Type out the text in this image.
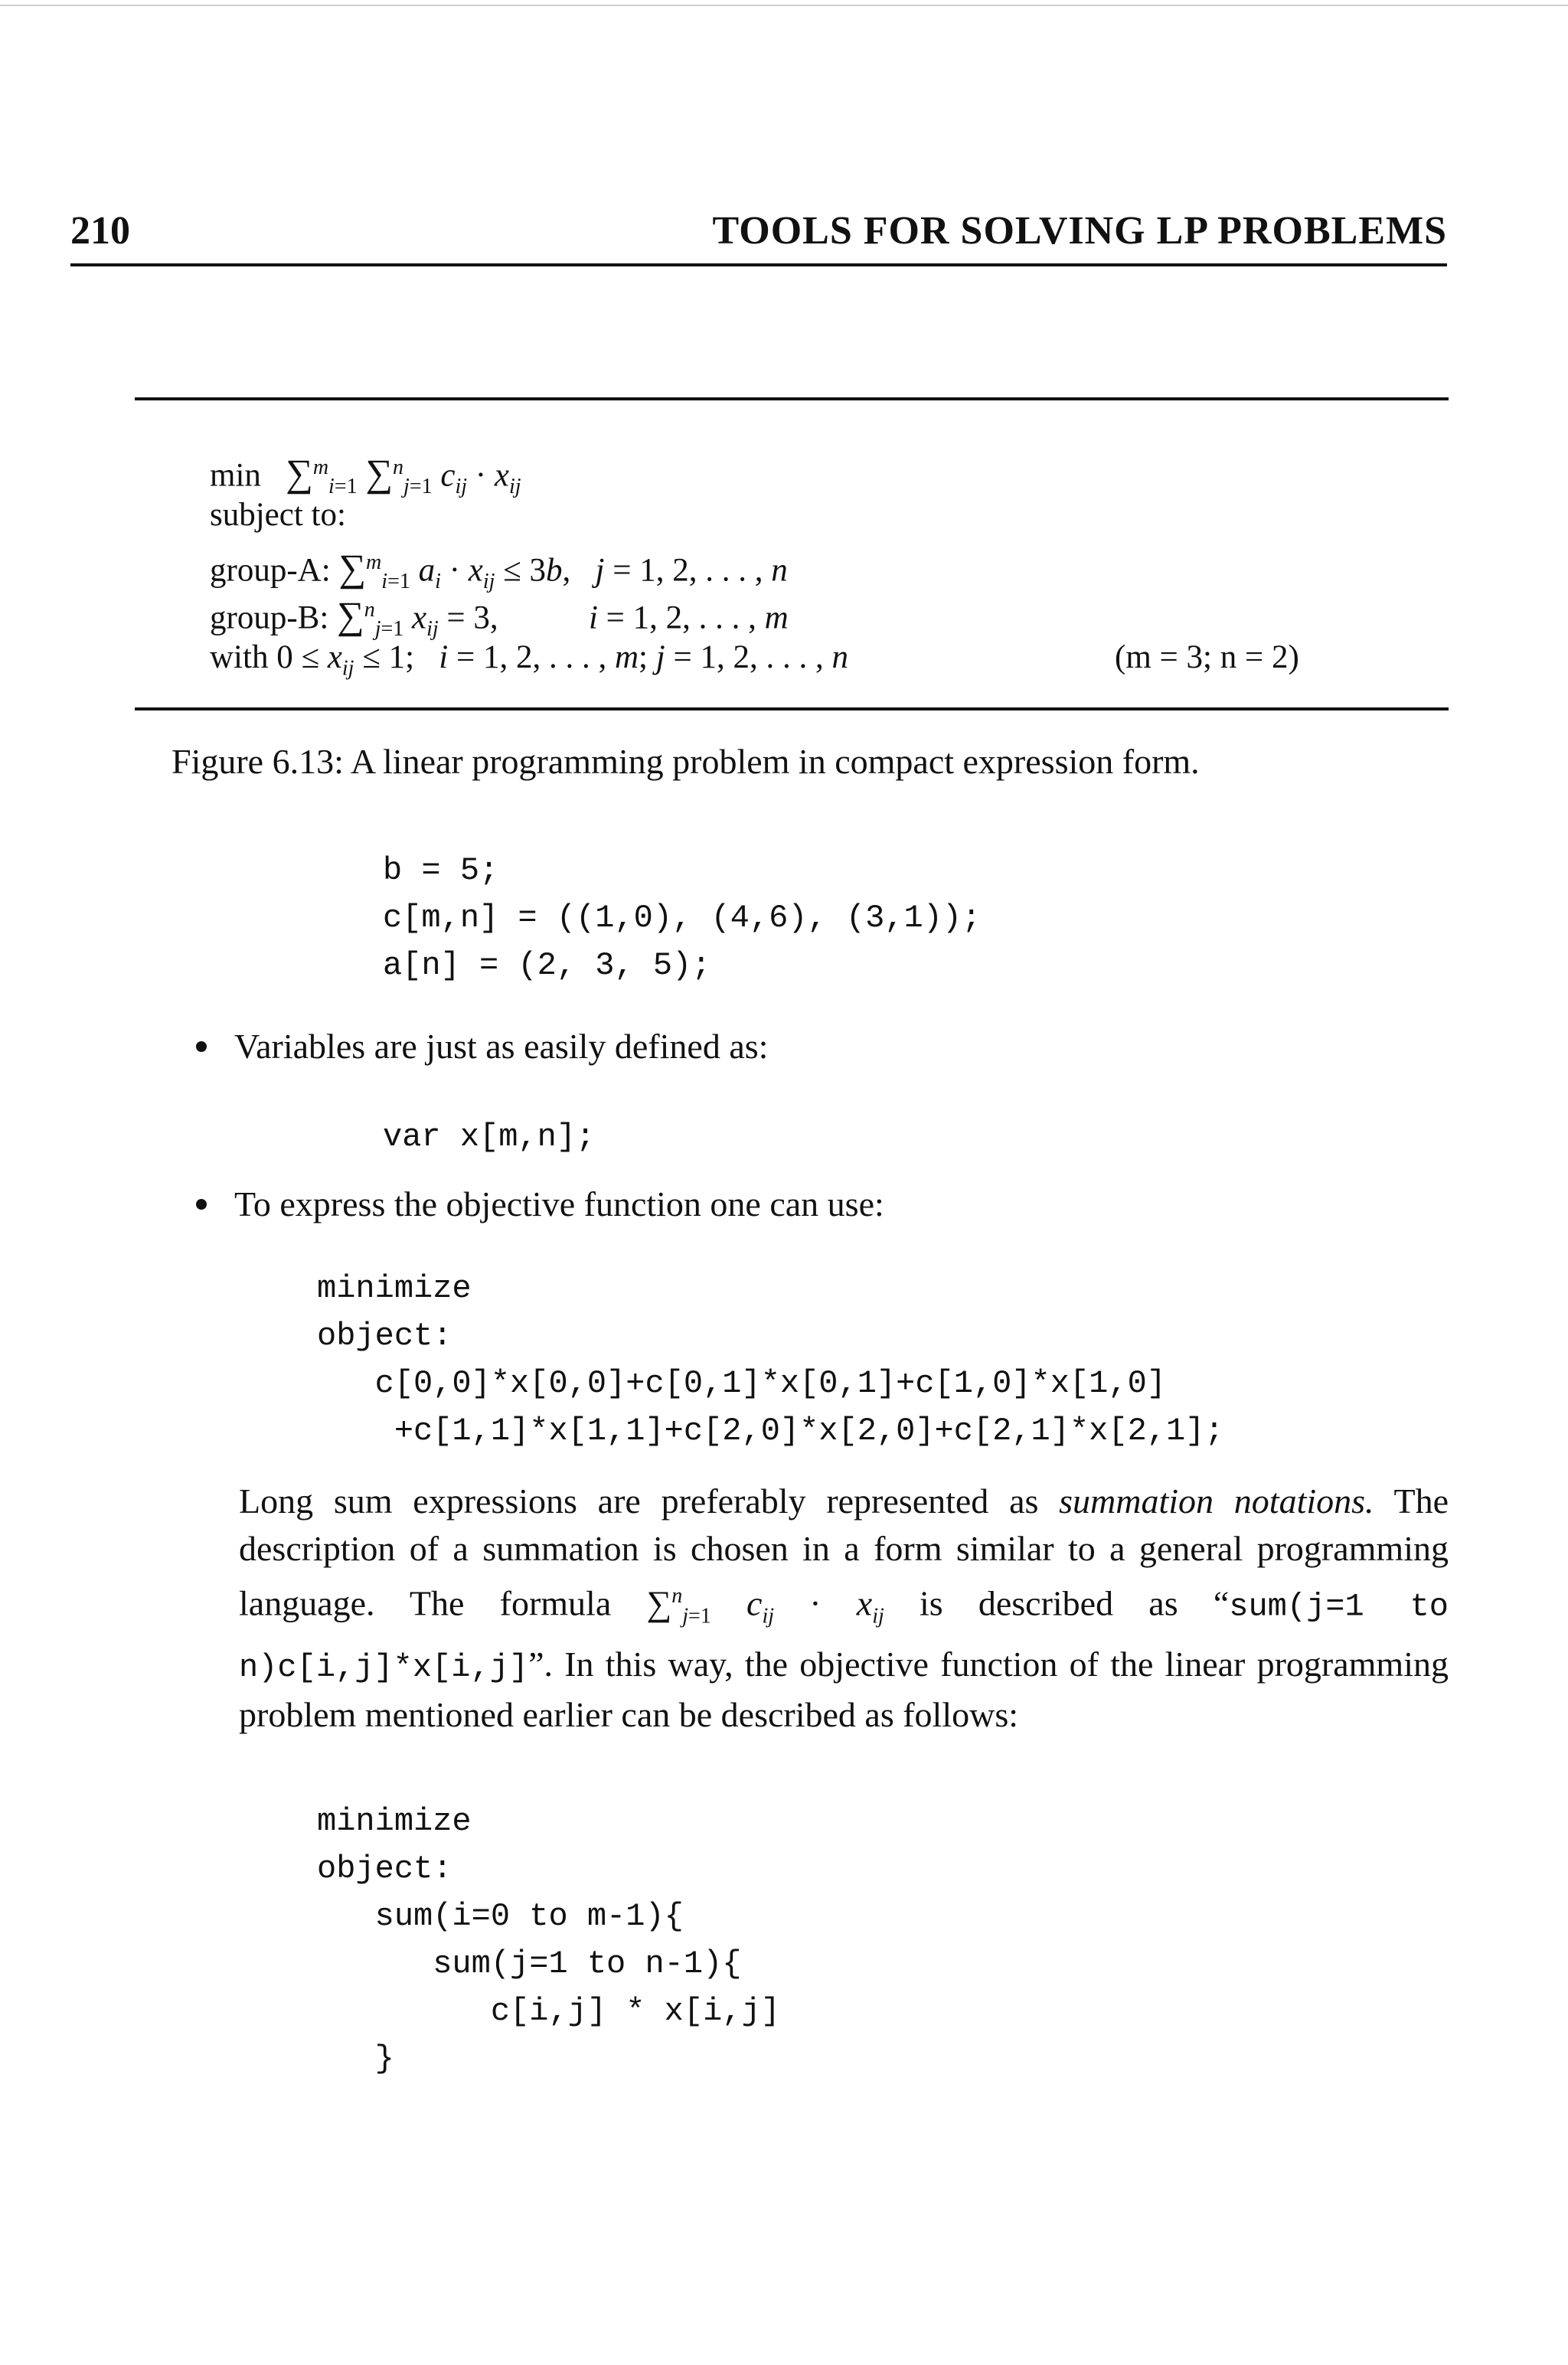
210	TOOLS FOR SOLVING LP PROBLEMS
min ∑$^m_{i=1}$ ∑$^n_{j=1}$ $c_{ij} \cdot x_{ij}$
subject to:
group-A: ∑$^m_{i=1}$ $a_i \cdot x_{ij} \le 3b$,   j = 1, 2, . . . , n
group-B: ∑$^n_{j=1}$ $x_{ij} = 3$,           i = 1, 2, . . . , m
with $0 \le x_{ij} \le 1$;   i = 1, 2, . . . , m; j = 1, 2, . . . , n	(m = 3; n = 2)
Figure 6.13: A linear programming problem in compact expression form.
b = 5;
c[m,n] = ((1,0), (4,6), (3,1));
a[n] = (2, 3, 5);
Variables are just as easily defined as:
var x[m,n];
To express the objective function one can use:
minimize
object:
c[0,0]*x[0,0]+c[0,1]*x[0,1]+c[1,0]*x[1,0]
+c[1,1]*x[1,1]+c[2,0]*x[2,0]+c[2,1]*x[2,1];
Long sum expressions are preferably represented as summation notations. The description of a summation is chosen in a form similar to a general programming language. The formula ∑$^n_{j=1}$ $c_{ij} \cdot x_{ij}$ is described as “sum(j=1 to n)c[i,j]*x[i,j]”. In this way, the objective function of the linear programming problem mentioned earlier can be described as follows:
minimize
object:
sum(i=0 to m-1){
sum(j=1 to n-1){
c[i,j] * x[i,j]
}
